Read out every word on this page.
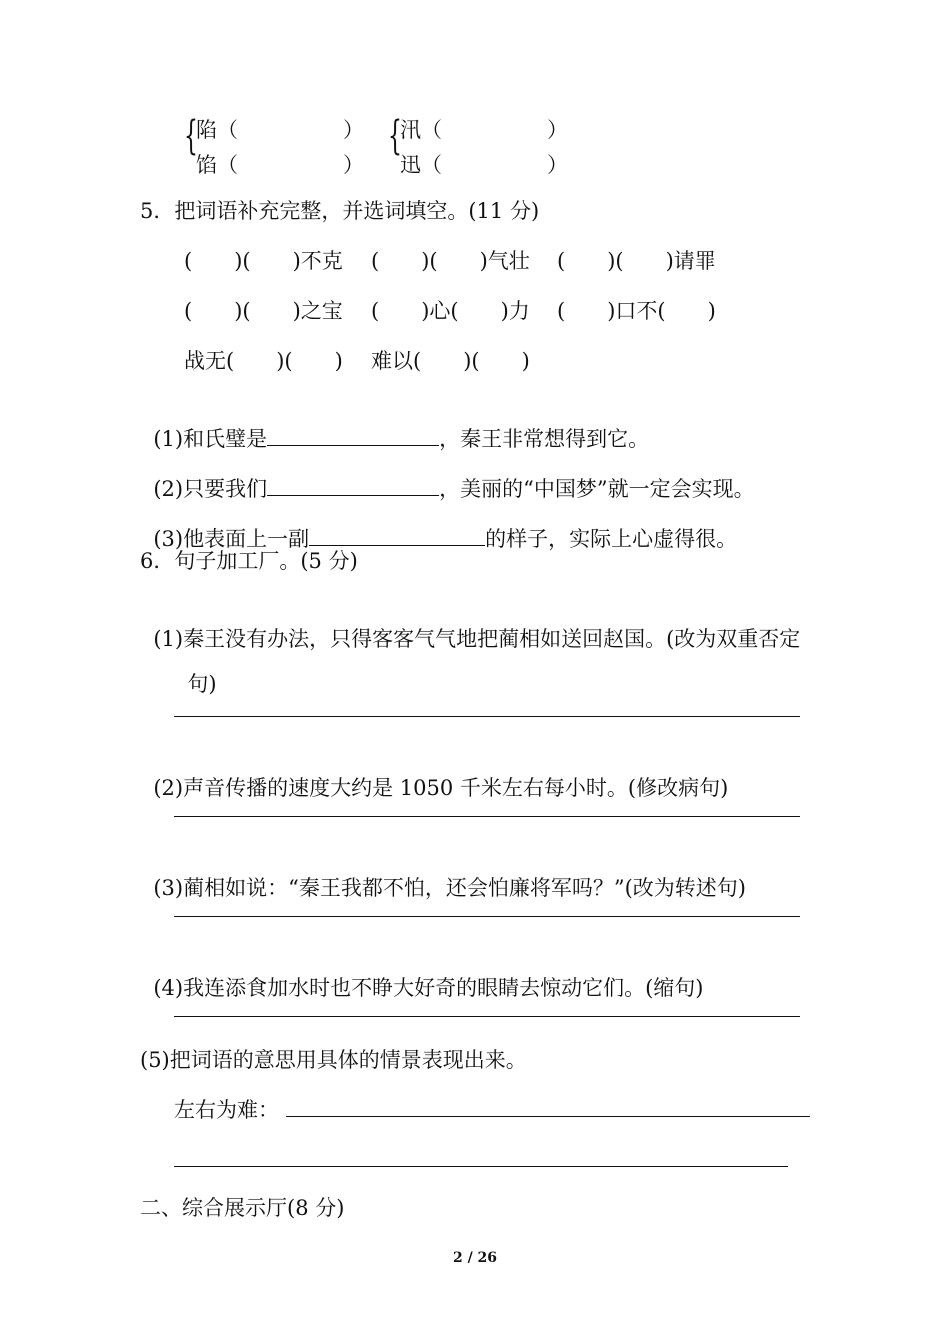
{
陷（　　　　　）
馅（　　　　　）
{
汛（　　　　　）
迅（　　　　　）
5．把词语补充完整，并选词填空。(11 分)
(　　)(　　)不克 (　　)(　　)气壮 (　　)(　　)请罪
(　　)(　　)之宝 (　　)心(　　)力 (　　)口不(　　)
战无(　　)(　　) 难以(　　)(　　)

(1)和氏璧是	，秦王非常想得到它。

(2)只要我们	，美丽的“中国梦”就一定会实现。

(3)他表面上一副	的样子，实际上心虚得很。

6．句子加工厂。(5 分)

(1)秦王没有办法，只得客客气气地把蔺相如送回赵国。(改为双重否定

句)

(2)声音传播的速度大约是 1050 千米左右每小时。(修改病句)

(3)蔺相如说：“秦王我都不怕，还会怕廉将军吗？”(改为转述句)

(4)我连添食加水时也不睁大好奇的眼睛去惊动它们。(缩句)

(5)把词语的意思用具体的情景表现出来。
左右为难：
二、综合展示厅(8 分)
2 / 26
